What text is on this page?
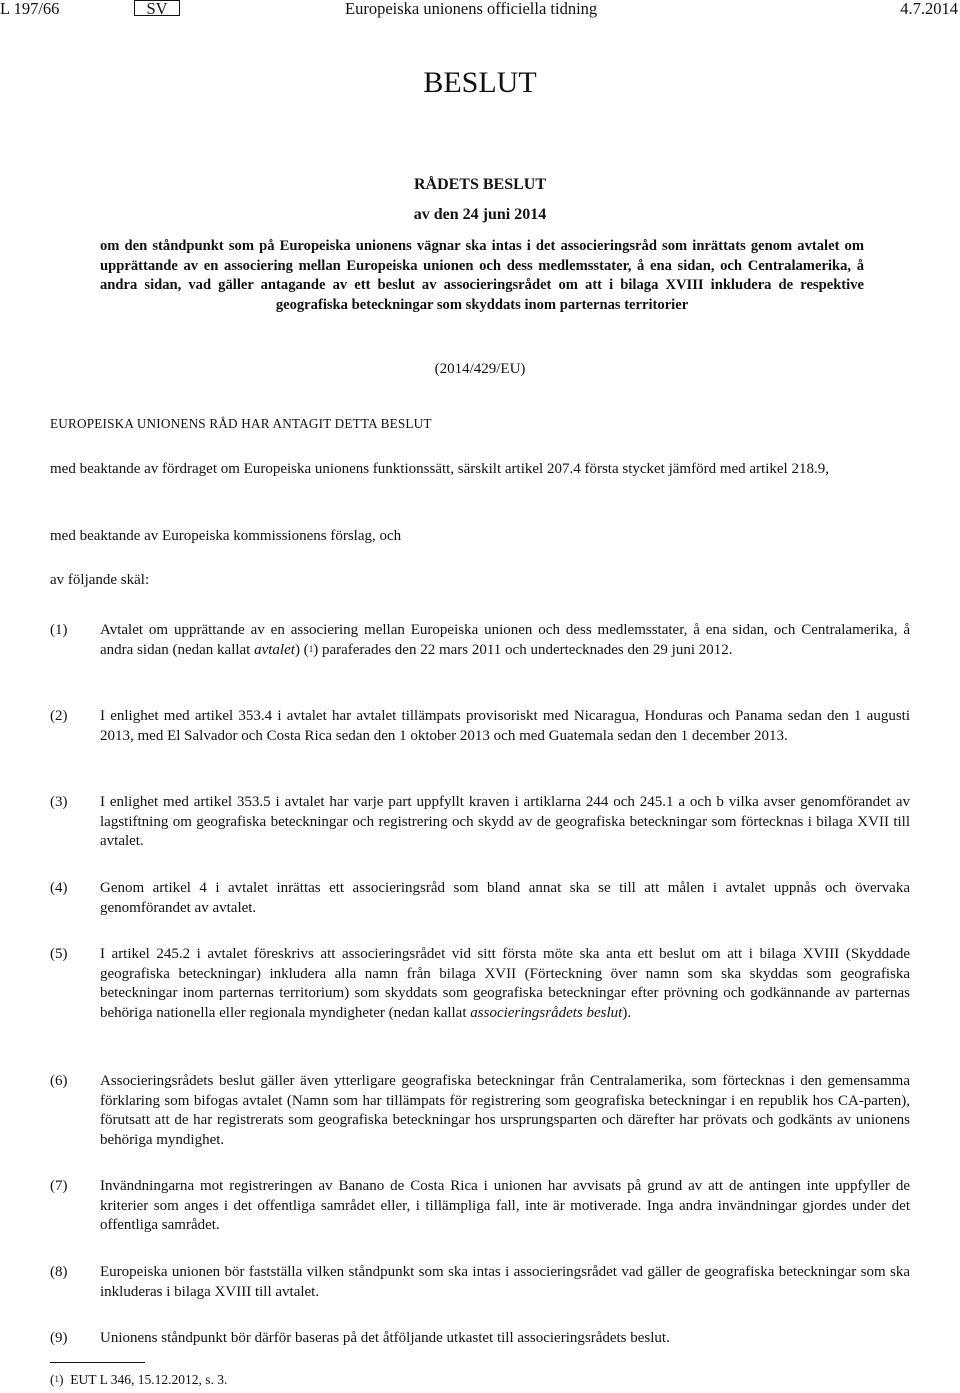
L 197/66	SV	Europeiska unionens officiella tidning	4.7.2014
BESLUT

RÅDETS BESLUT

av den 24 juni 2014

om den ståndpunkt som på Europeiska unionens vägnar ska intas i det associeringsråd som inrättats genom avtalet om upprättande av en associering mellan Europeiska unionen och dess medlemsstater, å ena sidan, och Centralamerika, å andra sidan, vad gäller antagande av ett beslut av associeringsrådet om att i bilaga XVIII inkludera de respektive geografiska beteckningar som skyddats inom parternas territorier

(2014/429/EU)

EUROPEISKA UNIONENS RÅD HAR ANTAGIT DETTA BESLUT

med beaktande av fördraget om Europeiska unionens funktionssätt, särskilt artikel 207.4 första stycket jämförd med artikel 218.9,

med beaktande av Europeiska kommissionens förslag, och

av följande skäl:

(1) Avtalet om upprättande av en associering mellan Europeiska unionen och dess medlemsstater, å ena sidan, och Centralamerika, å andra sidan (nedan kallat avtalet) ($^1$) paraferades den 22 mars 2011 och undertecknades den 29 juni 2012.
(2) I enlighet med artikel 353.4 i avtalet har avtalet tillämpats provisoriskt med Nicaragua, Honduras och Panama sedan den 1 augusti 2013, med El Salvador och Costa Rica sedan den 1 oktober 2013 och med Guatemala sedan den 1 december 2013.
(3) I enlighet med artikel 353.5 i avtalet har varje part uppfyllt kraven i artiklarna 244 och 245.1 a och b vilka avser genomförandet av lagstiftning om geografiska beteckningar och registrering och skydd av de geografiska beteckningar som förtecknas i bilaga XVII till avtalet.
(4) Genom artikel 4 i avtalet inrättas ett associeringsråd som bland annat ska se till att målen i avtalet uppnås och övervaka genomförandet av avtalet.
(5) I artikel 245.2 i avtalet föreskrivs att associeringsrådet vid sitt första möte ska anta ett beslut om att i bilaga XVIII (Skyddade geografiska beteckningar) inkludera alla namn från bilaga XVII (Förteckning över namn som ska skyddas som geografiska beteckningar inom parternas territorium) som skyddats som geografiska beteckningar efter prövning och godkännande av parternas behöriga nationella eller regionala myndigheter (nedan kallat associeringsrådets beslut).
(6) Associeringsrådets beslut gäller även ytterligare geografiska beteckningar från Centralamerika, som förtecknas i den gemensamma förklaring som bifogas avtalet (Namn som har tillämpats för registrering som geografiska beteckningar i en republik hos CA-parten), förutsatt att de har registrerats som geografiska beteckningar hos ursprungsparten och därefter har prövats och godkänts av unionens behöriga myndighet.
(7) Invändningarna mot registreringen av Banano de Costa Rica i unionen har avvisats på grund av att de antingen inte uppfyller de kriterier som anges i det offentliga samrådet eller, i tillämpliga fall, inte är motiverade. Inga andra invändningar gjordes under det offentliga samrådet.
(8) Europeiska unionen bör fastställa vilken ståndpunkt som ska intas i associeringsrådet vad gäller de geografiska beteckningar som ska inkluderas i bilaga XVIII till avtalet.
(9) Unionens ståndpunkt bör därför baseras på det åtföljande utkastet till associeringsrådets beslut.

($^1$)  EUT L 346, 15.12.2012, s. 3.
